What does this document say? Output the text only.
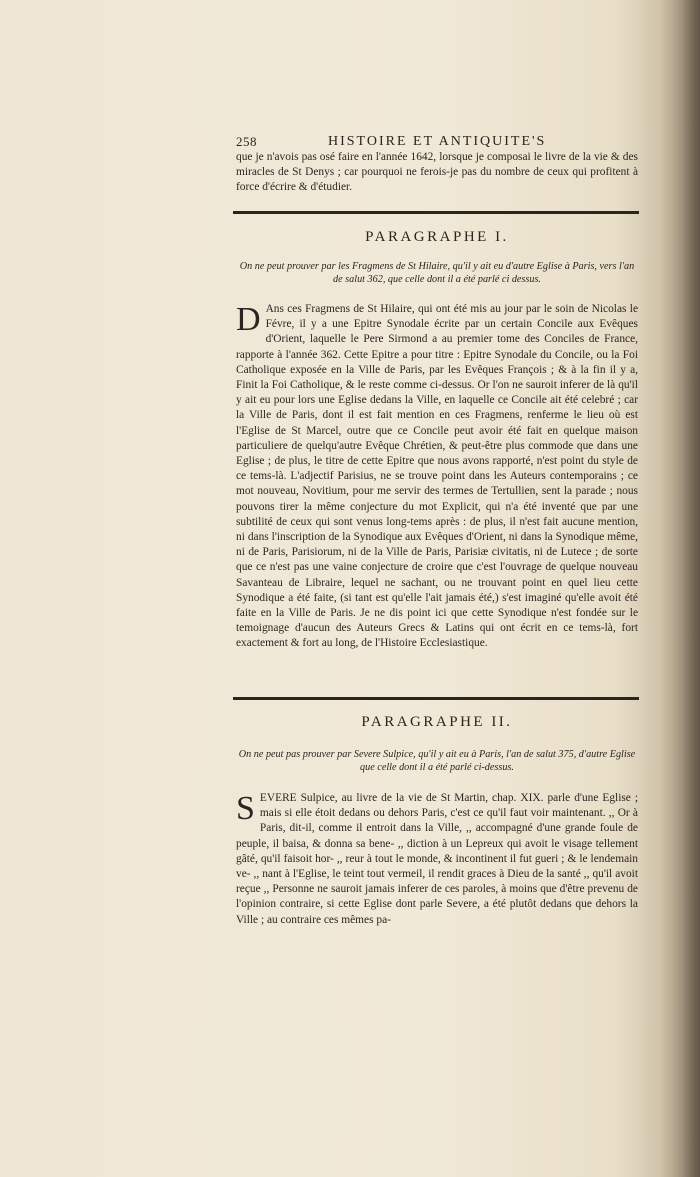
258	HISTOIRE ET ANTIQUITE'S
que je n'avois pas osé faire en l'année 1642, lorsque je composai le livre de la vie & des miracles de St Denys ; car pourquoi ne ferois-je pas du nombre de ceux qui profitent à force d'écrire & d'étudier.
PARAGRAPHE I.
On ne peut prouver par les Fragmens de St Hilaire, qu'il y ait eu d'autre Eglise à Paris, vers l'an de salut 362, que celle dont il a été parlé ci dessus.
D Ans ces Fragmens de St Hilaire, qui ont été mis au jour par le soin de Nicolas le Févre, il y a une Epitre Synodale écrite par un certain Concile aux Evêques d'Orient, laquelle le Pere Sirmond a au premier tome des Conciles de France, rapporte à l'année 362. Cette Epitre a pour titre : Epitre Synodale du Concile, ou la Foi Catholique exposée en la Ville de Paris, par les Evêques François ; & à la fin il y a, Finit la Foi Catholique, & le reste comme ci-dessus. Or l'on ne sauroit inferer de là qu'il y ait eu pour lors une Eglise dedans la Ville, en laquelle ce Concile ait été celebré ; car la Ville de Paris, dont il est fait mention en ces Fragmens, renferme le lieu où est l'Eglise de St Marcel, outre que ce Concile peut avoir été fait en quelque maison particuliere de quelqu'autre Evêque Chrétien, & peut-être plus commode que dans une Eglise ; de plus, le titre de cette Epitre que nous avons rapporté, n'est point du style de ce tems-là. L'adjectif Parisius, ne se trouve point dans les Auteurs contemporains ; ce mot nouveau, Novitium, pour me servir des termes de Tertullien, sent la parade ; nous pouvons tirer la même conjecture du mot Explicit, qui n'a été inventé que par une subtilité de ceux qui sont venus long-tems après : de plus, il n'est fait aucune mention, ni dans l'inscription de la Synodique aux Evêques d'Orient, ni dans la Synodique même, ni de Paris, Parisiorum, ni de la Ville de Paris, Parisiæ civitatis, ni de Lutece ; de sorte que ce n'est pas une vaine conjecture de croire que c'est l'ouvrage de quelque nouveau Savanteau de Libraire, lequel ne sachant, ou ne trouvant point en quel lieu cette Synodique a été faite, (si tant est qu'elle l'ait jamais été,) s'est imaginé qu'elle avoit été faite en la Ville de Paris. Je ne dis point ici que cette Synodique n'est fondée sur le temoignage d'aucun des Auteurs Grecs & Latins qui ont écrit en ce tems-là, fort exactement & fort au long, de l'Histoire Ecclesiastique.
PARAGRAPHE II.
On ne peut pas prouver par Severe Sulpice, qu'il y ait eu à Paris, l'an de salut 375, d'autre Eglise que celle dont il a été parlé ci-dessus.
SEVERE Sulpice, au livre de la vie de St Martin, chap. XIX. parle d'une Eglise ; mais si elle étoit dedans ou dehors Paris, c'est ce qu'il faut voir maintenant. ,, Or à Paris, dit-il, comme il entroit dans la Ville, ,, accompagné d'une grande foule de peuple, il baisa, & donna sa bene- ,, diction à un Lepreux qui avoit le visage tellement gâté, qu'il faisoit hor- ,, reur à tout le monde, & incontinent il fut gueri ; & le lendemain ve- ,, nant à l'Eglise, le teint tout vermeil, il rendit graces à Dieu de la santé ,, qu'il avoit reçue ,, Personne ne sauroit jamais inferer de ces paroles, à moins que d'être prevenu de l'opinion contraire, si cette Eglise dont parle Severe, a été plutôt dedans que dehors la Ville ; au contraire ces mêmes pa-
